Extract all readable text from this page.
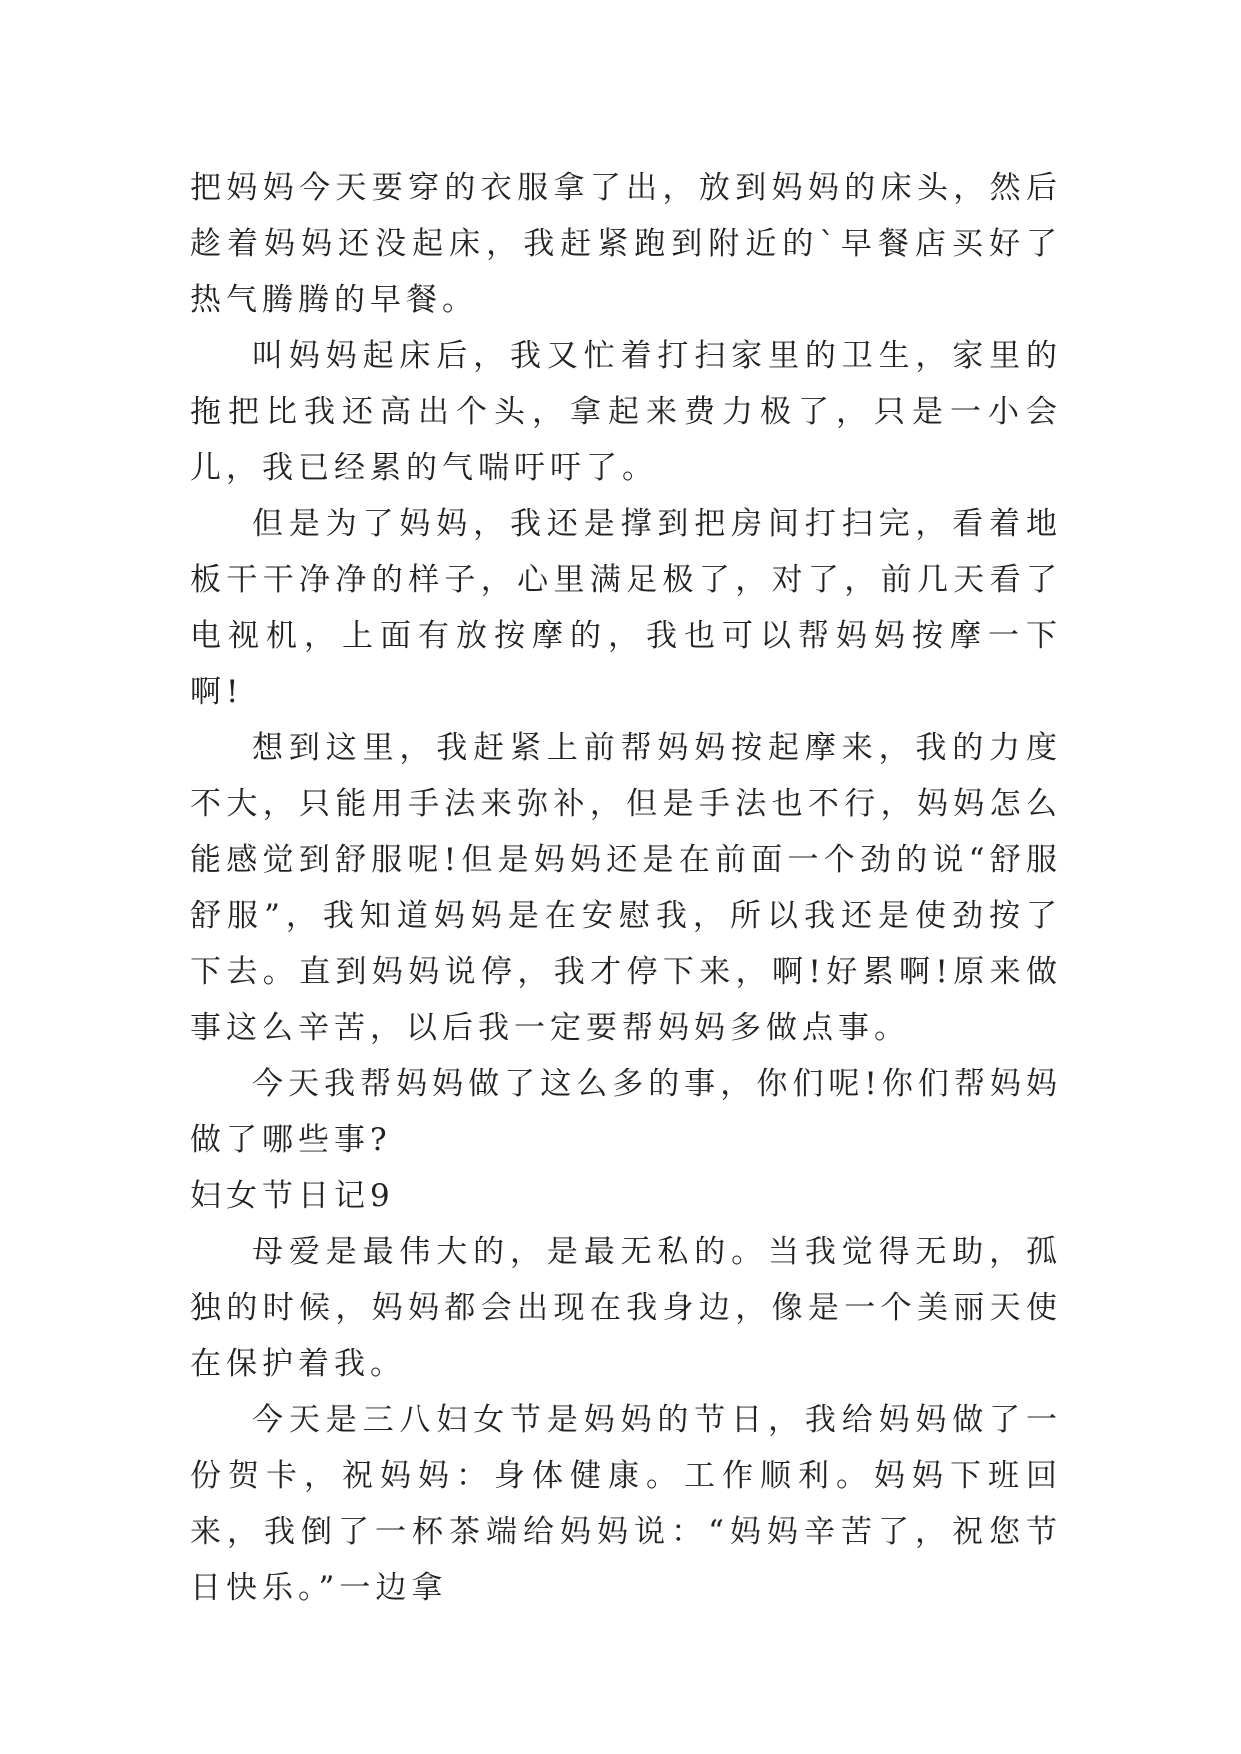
把妈妈今天要穿的衣服拿了出，放到妈妈的床头，然后趁着妈妈还没起床，我赶紧跑到附近的`早餐店买好了热气腾腾的早餐。

叫妈妈起床后，我又忙着打扫家里的卫生，家里的拖把比我还高出个头，拿起来费力极了，只是一小会儿，我已经累的气喘吁吁了。

但是为了妈妈，我还是撑到把房间打扫完，看着地板干干净净的样子，心里满足极了，对了，前几天看了电视机，上面有放按摩的，我也可以帮妈妈按摩一下啊!

想到这里，我赶紧上前帮妈妈按起摩来，我的力度不大，只能用手法来弥补，但是手法也不行，妈妈怎么能感觉到舒服呢!但是妈妈还是在前面一个劲的说“舒服舒服”，我知道妈妈是在安慰我，所以我还是使劲按了下去。直到妈妈说停，我才停下来，啊!好累啊!原来做事这么辛苦，以后我一定要帮妈妈多做点事。

今天我帮妈妈做了这么多的事，你们呢!你们帮妈妈做了哪些事?

妇女节日记9

母爱是最伟大的，是最无私的。当我觉得无助，孤独的时候，妈妈都会出现在我身边，像是一个美丽天使在保护着我。

今天是三八妇女节是妈妈的节日，我给妈妈做了一份贺卡，祝妈妈：身体健康。工作顺利。妈妈下班回来，我倒了一杯茶端给妈妈说：“妈妈辛苦了，祝您节日快乐。”一边拿
